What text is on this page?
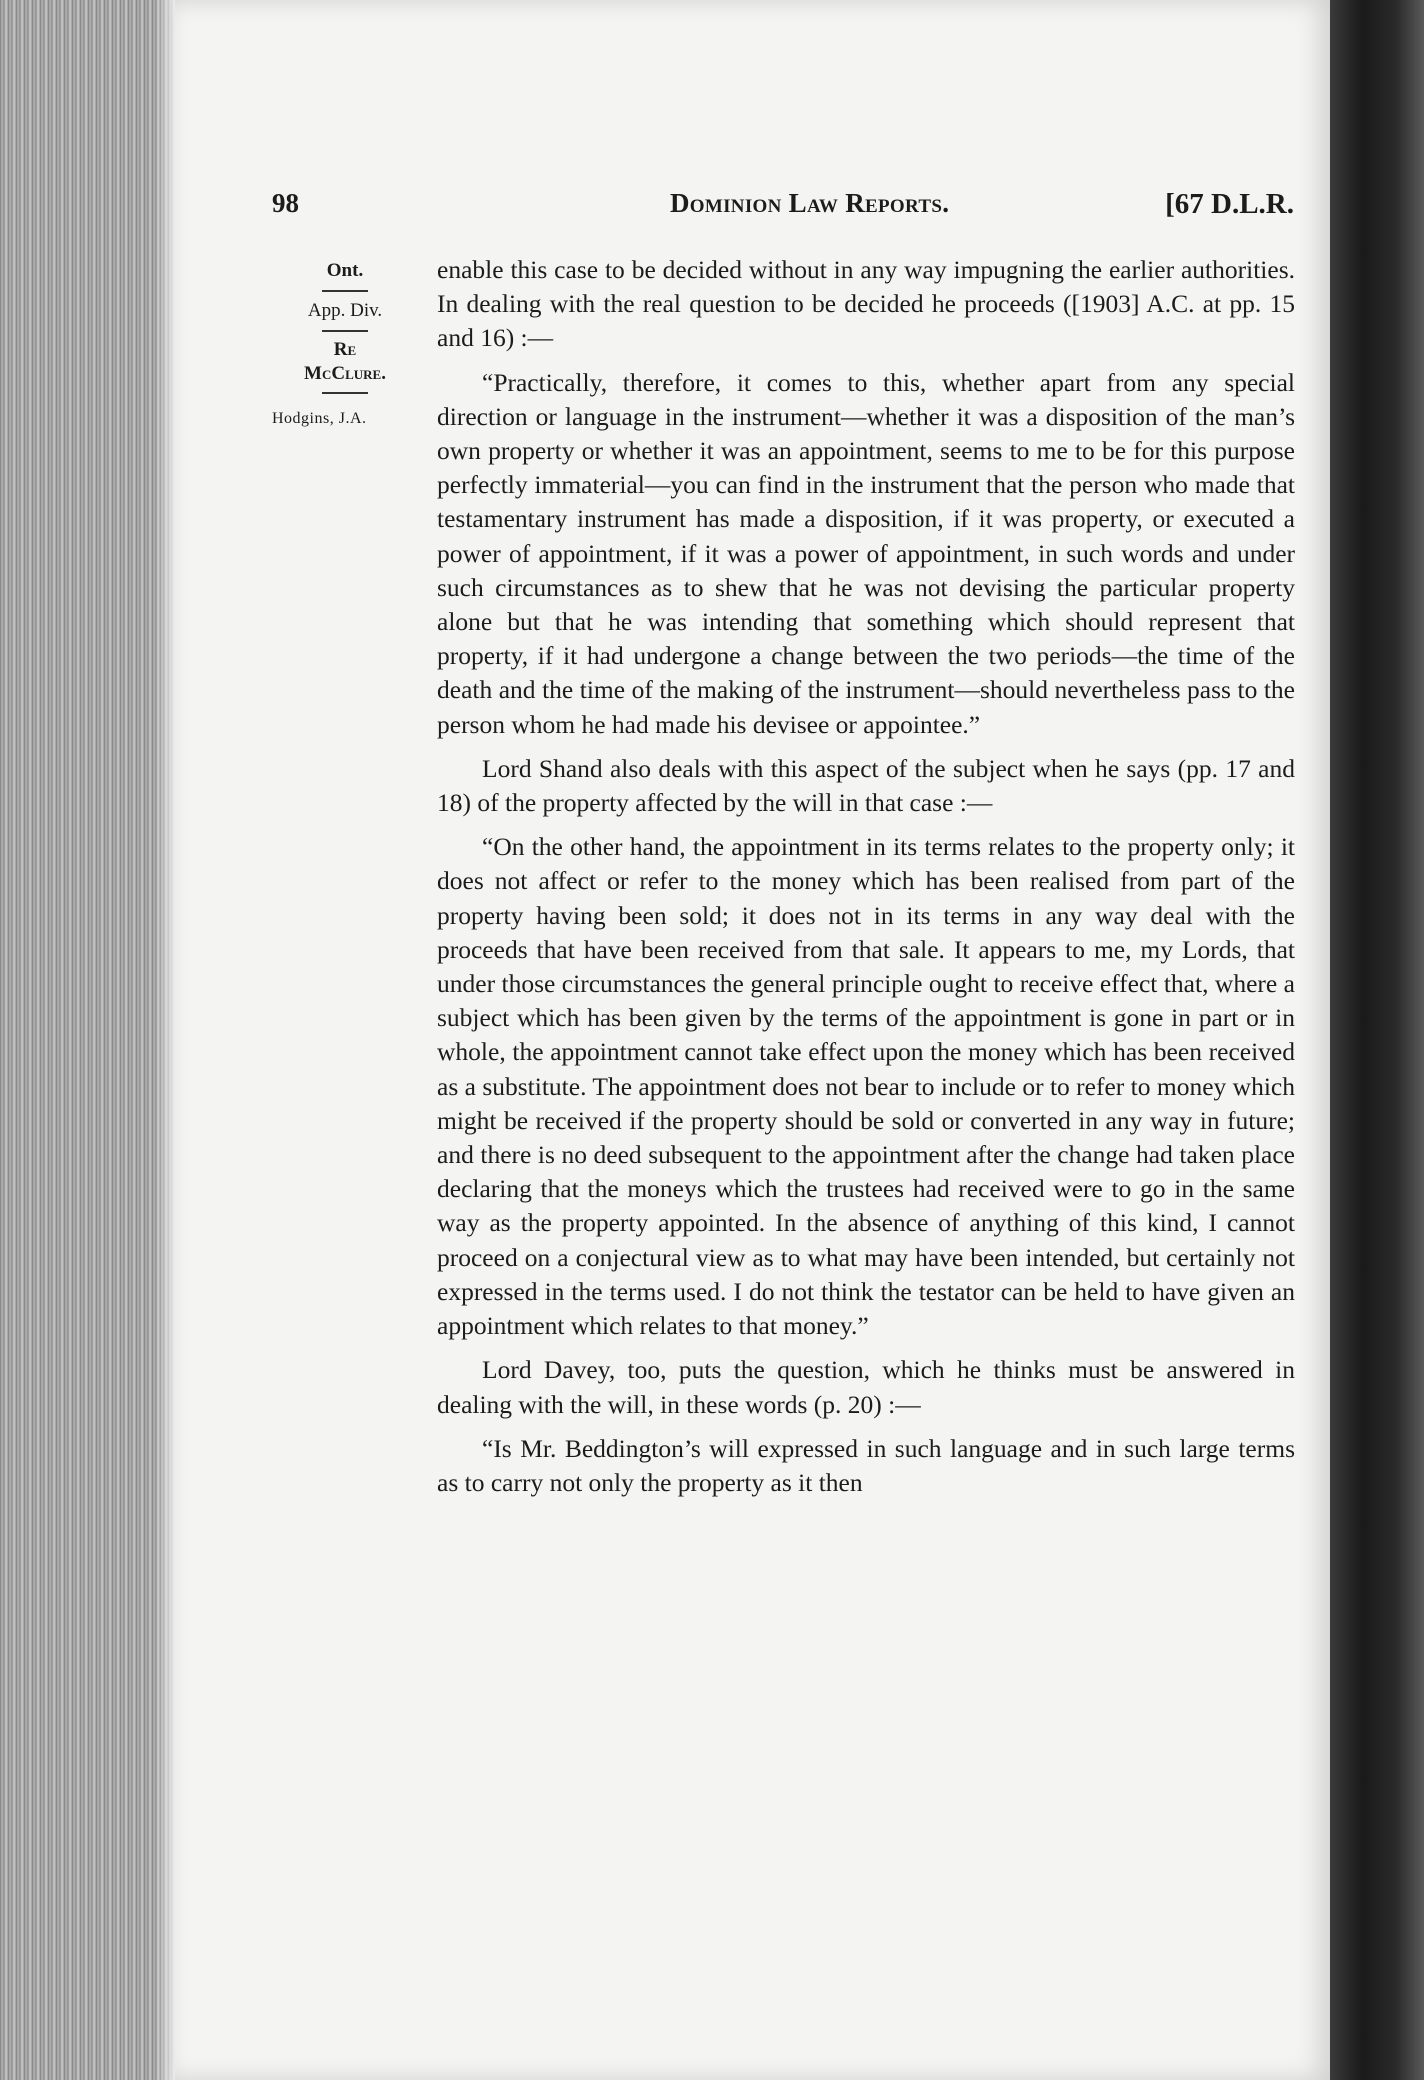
98	Dominion Law Reports.	[67 D.L.R.
Ont.
App. Div.
Re
McClure.
Hodgins, J.A.

enable this case to be decided without in any way impugning the earlier authorities. In dealing with the real question to be decided he proceeds ([1903] A.C. at pp. 15 and 16) :—

“Practically, therefore, it comes to this, whether apart from any special direction or language in the instrument—whether it was a disposition of the man’s own property or whether it was an appointment, seems to me to be for this purpose perfectly immaterial—you can find in the instrument that the person who made that testamentary instrument has made a disposition, if it was property, or executed a power of appointment, if it was a power of appointment, in such words and under such circumstances as to shew that he was not devising the particular property alone but that he was intending that something which should represent that property, if it had undergone a change between the two periods—the time of the death and the time of the making of the instrument—should nevertheless pass to the person whom he had made his devisee or appointee.”

Lord Shand also deals with this aspect of the subject when he says (pp. 17 and 18) of the property affected by the will in that case :—

“On the other hand, the appointment in its terms relates to the property only; it does not affect or refer to the money which has been realised from part of the property having been sold; it does not in its terms in any way deal with the proceeds that have been received from that sale. It appears to me, my Lords, that under those circumstances the general principle ought to receive effect that, where a subject which has been given by the terms of the appointment is gone in part or in whole, the appointment cannot take effect upon the money which has been received as a substitute. The appointment does not bear to include or to refer to money which might be received if the property should be sold or converted in any way in future; and there is no deed subsequent to the appointment after the change had taken place declaring that the moneys which the trustees had received were to go in the same way as the property appointed. In the absence of anything of this kind, I cannot proceed on a conjectural view as to what may have been intended, but certainly not expressed in the terms used. I do not think the testator can be held to have given an appointment which relates to that money.”

Lord Davey, too, puts the question, which he thinks must be answered in dealing with the will, in these words (p. 20) :—

“Is Mr. Beddington’s will expressed in such language and in such large terms as to carry not only the property as it then
